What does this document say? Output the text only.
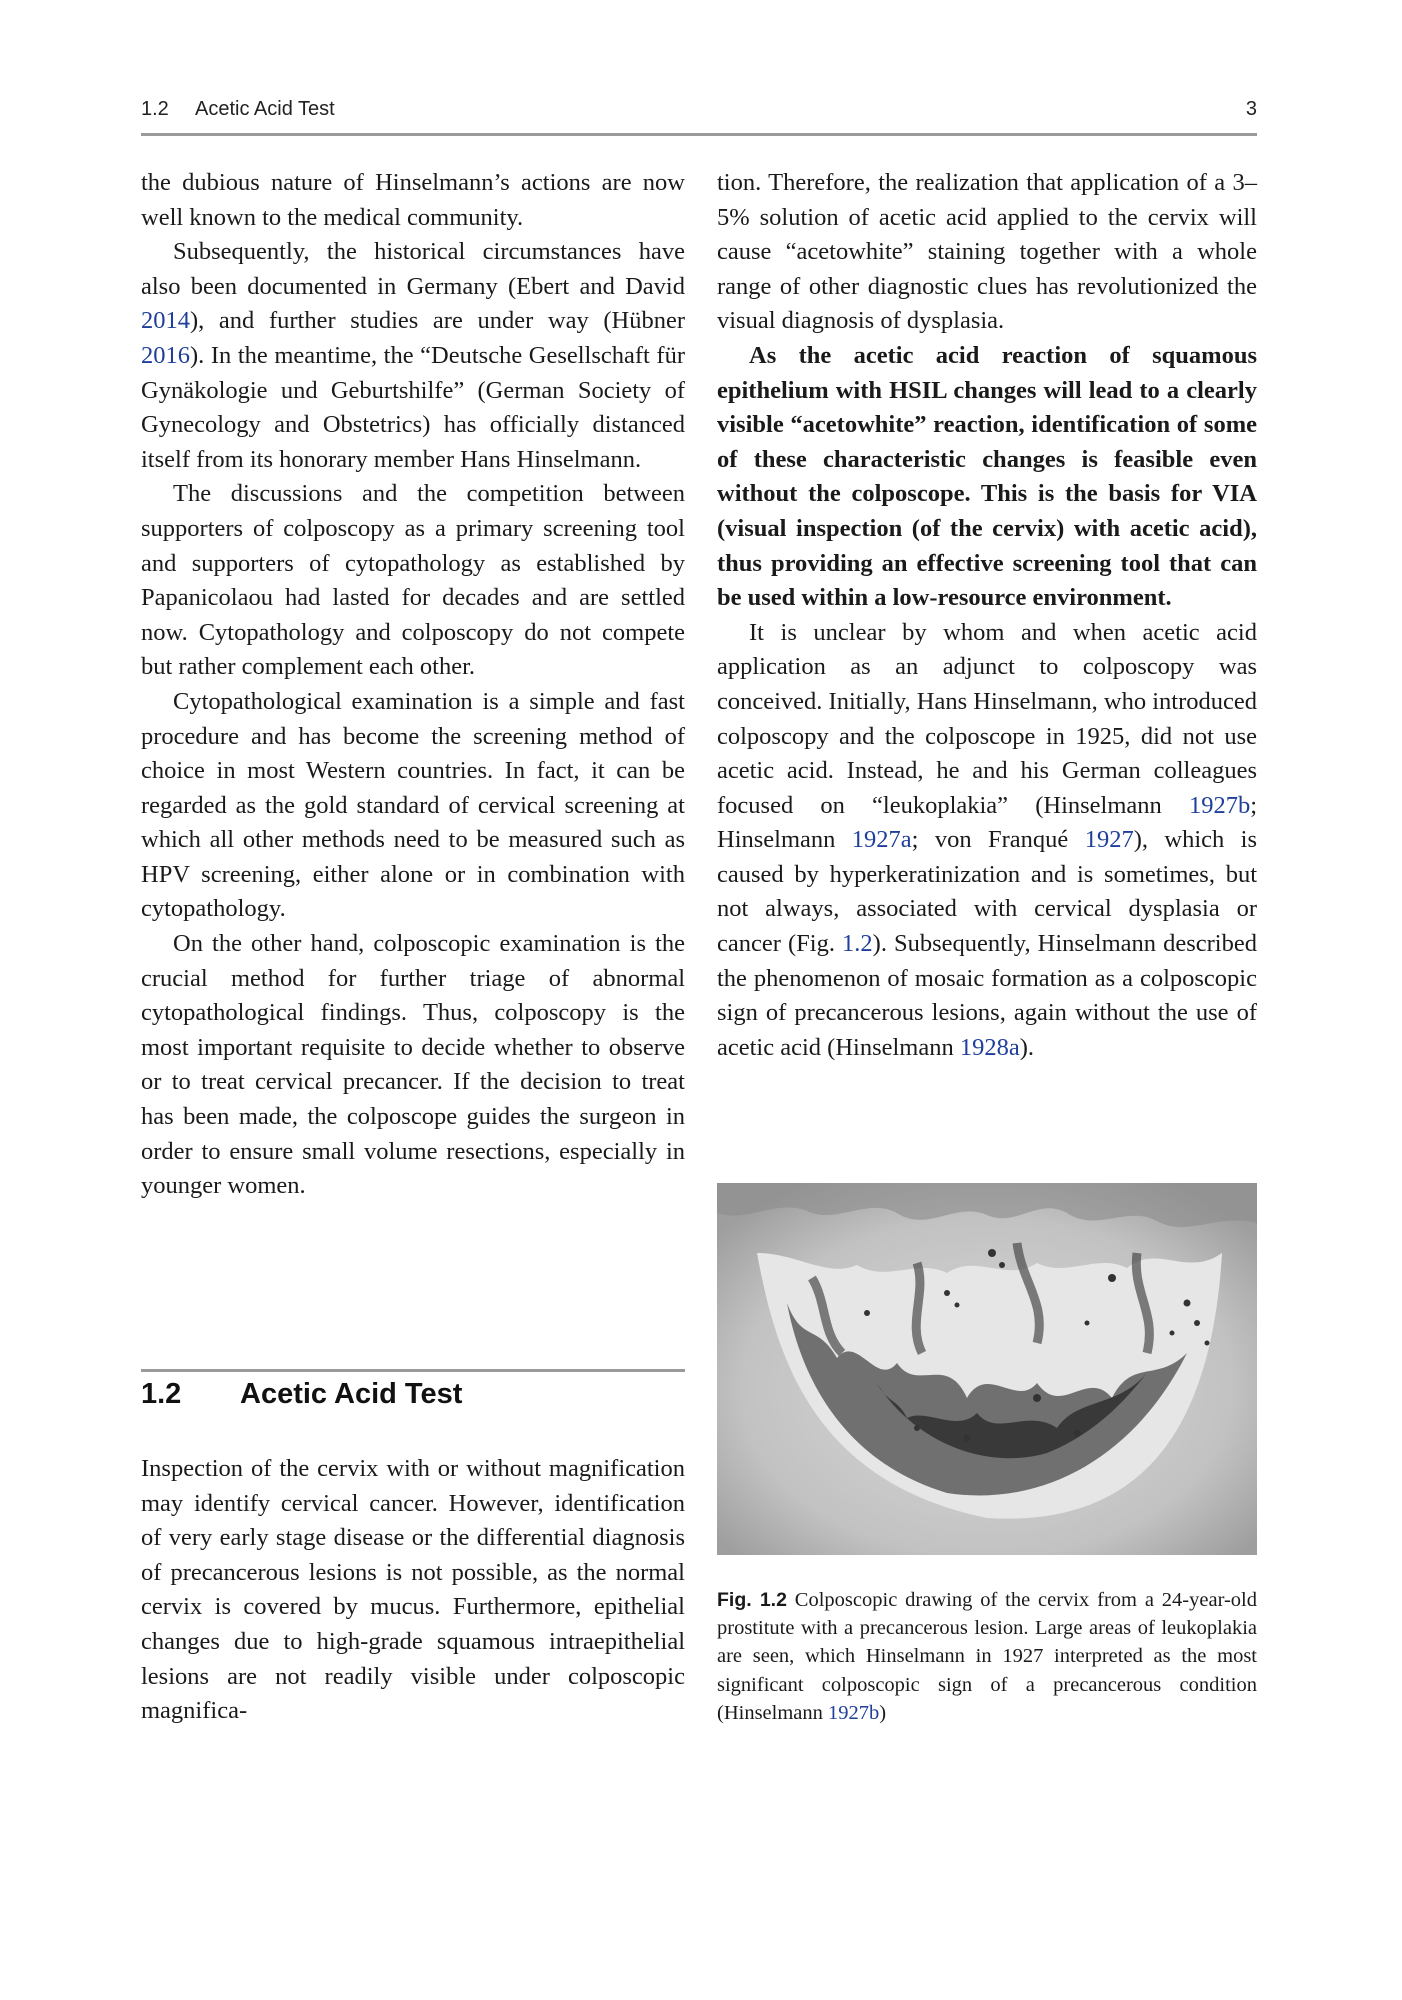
1.2 Acetic Acid Test	3

the dubious nature of Hinselmann’s actions are now well known to the medical community.

Subsequently, the historical circumstances have also been documented in Germany (Ebert and David 2014), and further studies are under way (Hübner 2016). In the meantime, the “Deutsche Gesellschaft für Gynäkologie und Geburtshilfe” (German Society of Gynecology and Obstetrics) has officially distanced itself from its honorary member Hans Hinselmann.

The discussions and the competition between supporters of colposcopy as a primary screening tool and supporters of cytopathology as established by Papanicolaou had lasted for decades and are settled now. Cytopathology and colposcopy do not compete but rather complement each other.

Cytopathological examination is a simple and fast procedure and has become the screening method of choice in most Western countries. In fact, it can be regarded as the gold standard of cervical screening at which all other methods need to be measured such as HPV screening, either alone or in combination with cytopathology.

On the other hand, colposcopic examination is the crucial method for further triage of abnormal cytopathological findings. Thus, colposcopy is the most important requisite to decide whether to observe or to treat cervical precancer. If the decision to treat has been made, the colposcope guides the surgeon in order to ensure small volume resections, especially in younger women.

1.2 Acetic Acid Test

Inspection of the cervix with or without magnification may identify cervical cancer. However, identification of very early stage disease or the differential diagnosis of precancerous lesions is not possible, as the normal cervix is covered by mucus. Furthermore, epithelial changes due to high-grade squamous intraepithelial lesions are not readily visible under colposcopic magnifica-

tion. Therefore, the realization that application of a 3–5% solution of acetic acid applied to the cervix will cause “acetowhite” staining together with a whole range of other diagnostic clues has revolutionized the visual diagnosis of dysplasia.

As the acetic acid reaction of squamous epithelium with HSIL changes will lead to a clearly visible “acetowhite” reaction, identification of some of these characteristic changes is feasible even without the colposcope. This is the basis for VIA (visual inspection (of the cervix) with acetic acid), thus providing an effective screening tool that can be used within a low-resource environment.

It is unclear by whom and when acetic acid application as an adjunct to colposcopy was conceived. Initially, Hans Hinselmann, who introduced colposcopy and the colposcope in 1925, did not use acetic acid. Instead, he and his German colleagues focused on “leukoplakia” (Hinselmann 1927b; Hinselmann 1927a; von Franqué 1927), which is caused by hyperkeratinization and is sometimes, but not always, associated with cervical dysplasia or cancer (Fig. 1.2). Subsequently, Hinselmann described the phenomenon of mosaic formation as a colposcopic sign of precancerous lesions, again without the use of acetic acid (Hinselmann 1928a).

Fig. 1.2 Colposcopic drawing of the cervix from a 24-year-old prostitute with a precancerous lesion. Large areas of leukoplakia are seen, which Hinselmann in 1927 interpreted as the most significant colposcopic sign of a precancerous condition (Hinselmann 1927b)
